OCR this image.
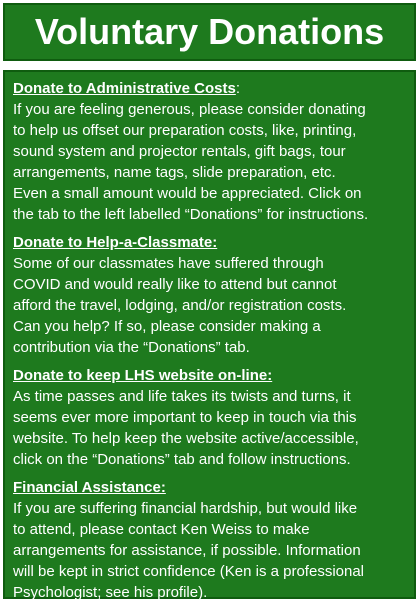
Voluntary Donations
Donate to Administrative Costs:

If you are feeling generous, please consider donating
to help us offset our preparation costs, like, printing,
sound system and projector rentals, gift bags, tour
arrangements, name tags, slide preparation, etc.
Even a small amount would be appreciated. Click on
the tab to the left labelled “Donations” for instructions.

Donate to Help-a-Classmate:

Some of our classmates have suffered through
COVID and would really like to attend but cannot
afford the travel, lodging, and/or registration costs.
Can you help? If so, please consider making a
contribution via the “Donations” tab.

Donate to keep LHS website on-line:

As time passes and life takes its twists and turns, it
seems ever more important to keep in touch via this
website. To help keep the website active/accessible,
click on the “Donations” tab and follow instructions.

Financial Assistance:

If you are suffering financial hardship, but would like
to attend, please contact Ken Weiss to make
arrangements for assistance, if possible. Information
will be kept in strict confidence (Ken is a professional
Psychologist; see his profile).
